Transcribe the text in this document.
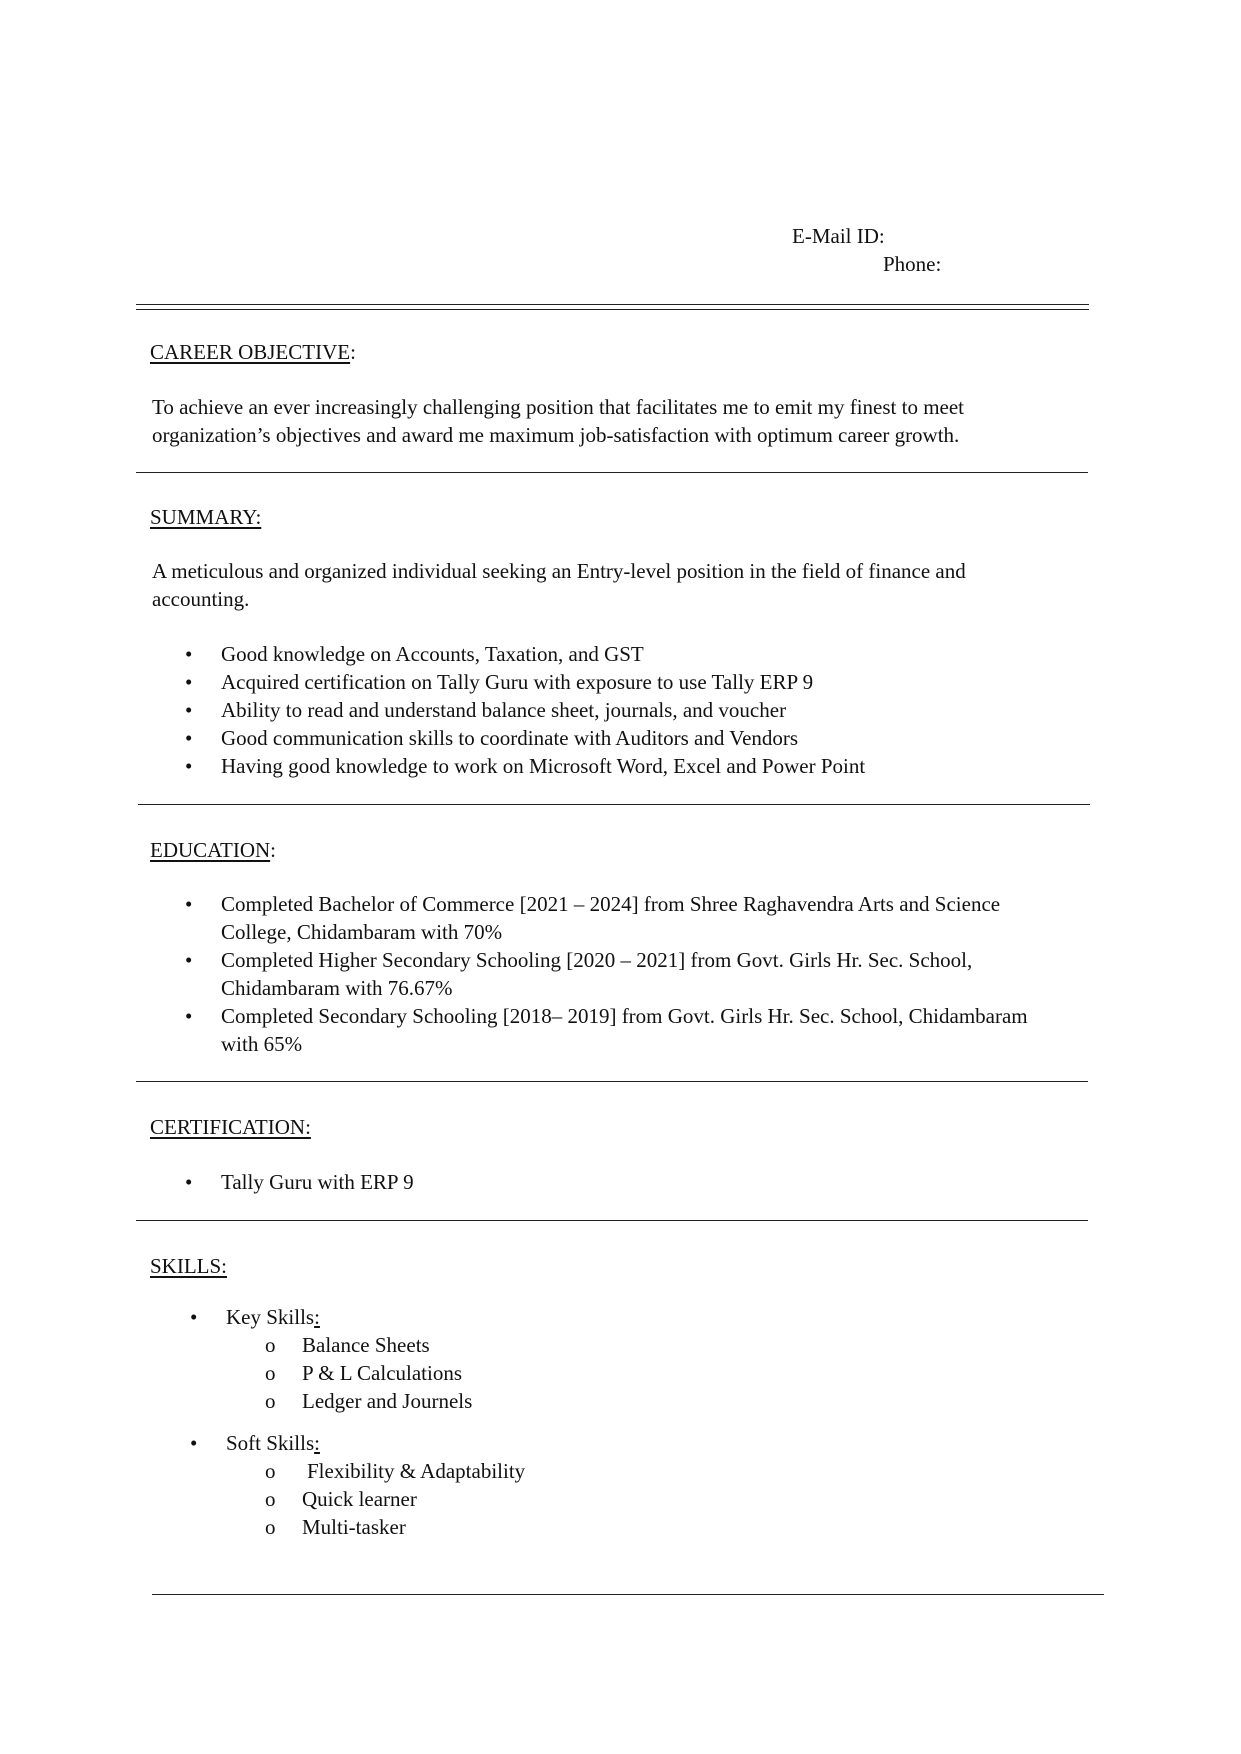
E-Mail ID:
Phone:
CAREER OBJECTIVE:
To achieve an ever increasingly challenging position that facilitates me to emit my finest to meet organization’s objectives and award me maximum job-satisfaction with optimum career growth.
SUMMARY:
A meticulous and organized individual seeking an Entry-level position in the field of finance and accounting.
• Good knowledge on Accounts, Taxation, and GST
• Acquired certification on Tally Guru with exposure to use Tally ERP 9
• Ability to read and understand balance sheet, journals, and voucher
• Good communication skills to coordinate with Auditors and Vendors
• Having good knowledge to work on Microsoft Word, Excel and Power Point
EDUCATION:
• Completed Bachelor of Commerce [2021 – 2024] from Shree Raghavendra Arts and Science College, Chidambaram with 70%
• Completed Higher Secondary Schooling [2020 – 2021] from Govt. Girls Hr. Sec. School, Chidambaram with 76.67%
• Completed Secondary Schooling [2018– 2019] from Govt. Girls Hr. Sec. School, Chidambaram with 65%
CERTIFICATION:
• Tally Guru with ERP 9
SKILLS:
• Key Skills:
o Balance Sheets
o P & L Calculations
o Ledger and Journels
• Soft Skills:
o Flexibility & Adaptability
o Quick learner
o Multi-tasker
